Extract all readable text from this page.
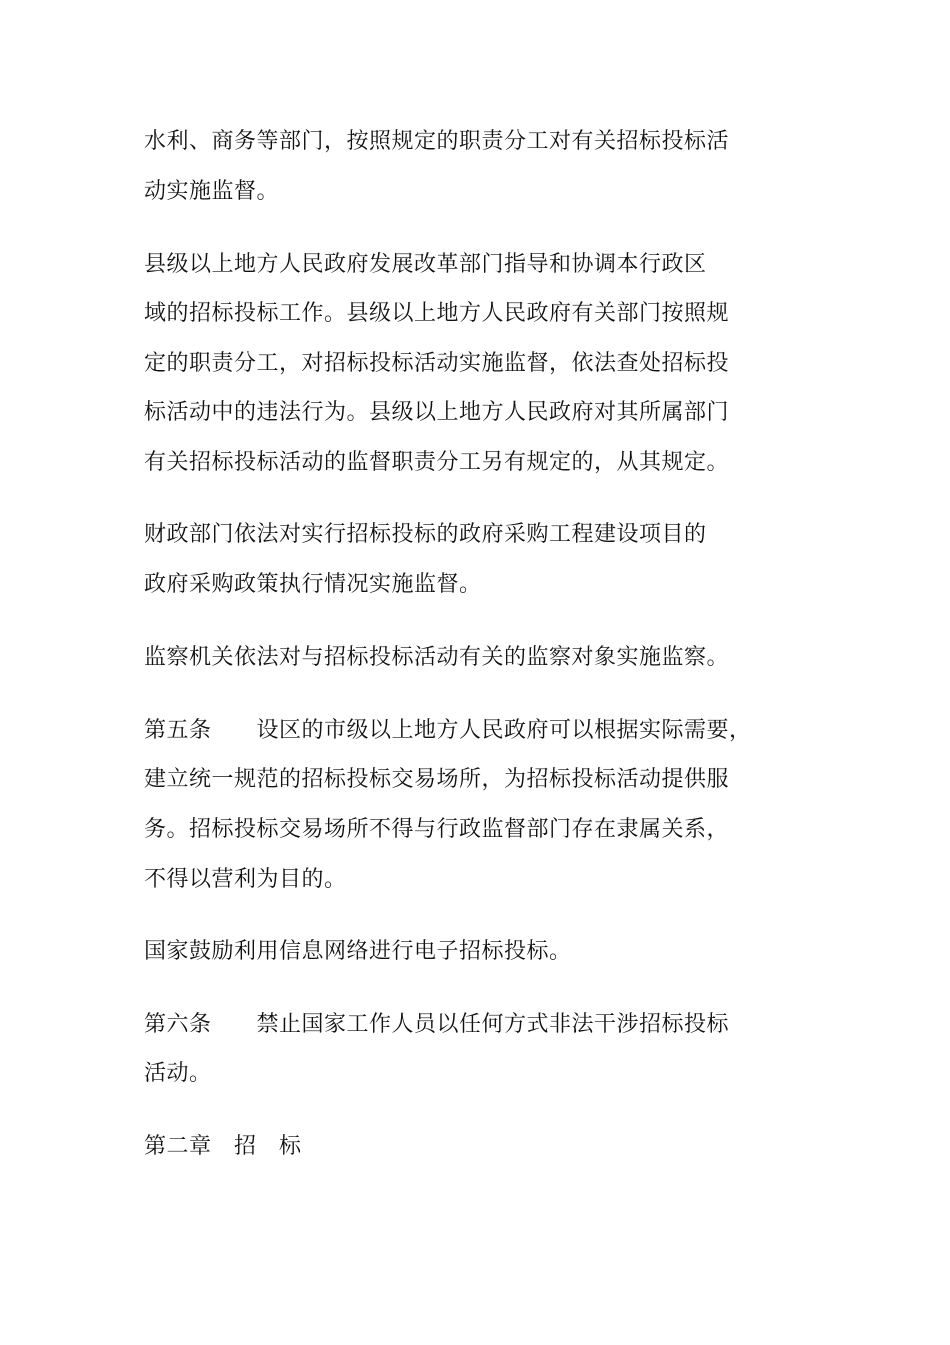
水利、商务等部门，按照规定的职责分工对有关招标投标活
动实施监督。
县级以上地方人民政府发展改革部门指导和协调本行政区
域的招标投标工作。县级以上地方人民政府有关部门按照规
定的职责分工，对招标投标活动实施监督，依法查处招标投
标活动中的违法行为。县级以上地方人民政府对其所属部门
有关招标投标活动的监督职责分工另有规定的，从其规定。
财政部门依法对实行招标投标的政府采购工程建设项目的
政府采购政策执行情况实施监督。
监察机关依法对与招标投标活动有关的监察对象实施监察。
第五条　　设区的市级以上地方人民政府可以根据实际需要，
建立统一规范的招标投标交易场所，为招标投标活动提供服
务。招标投标交易场所不得与行政监督部门存在隶属关系，
不得以营利为目的。
国家鼓励利用信息网络进行电子招标投标。
第六条　　禁止国家工作人员以任何方式非法干涉招标投标
活动。
第二章　招　标
